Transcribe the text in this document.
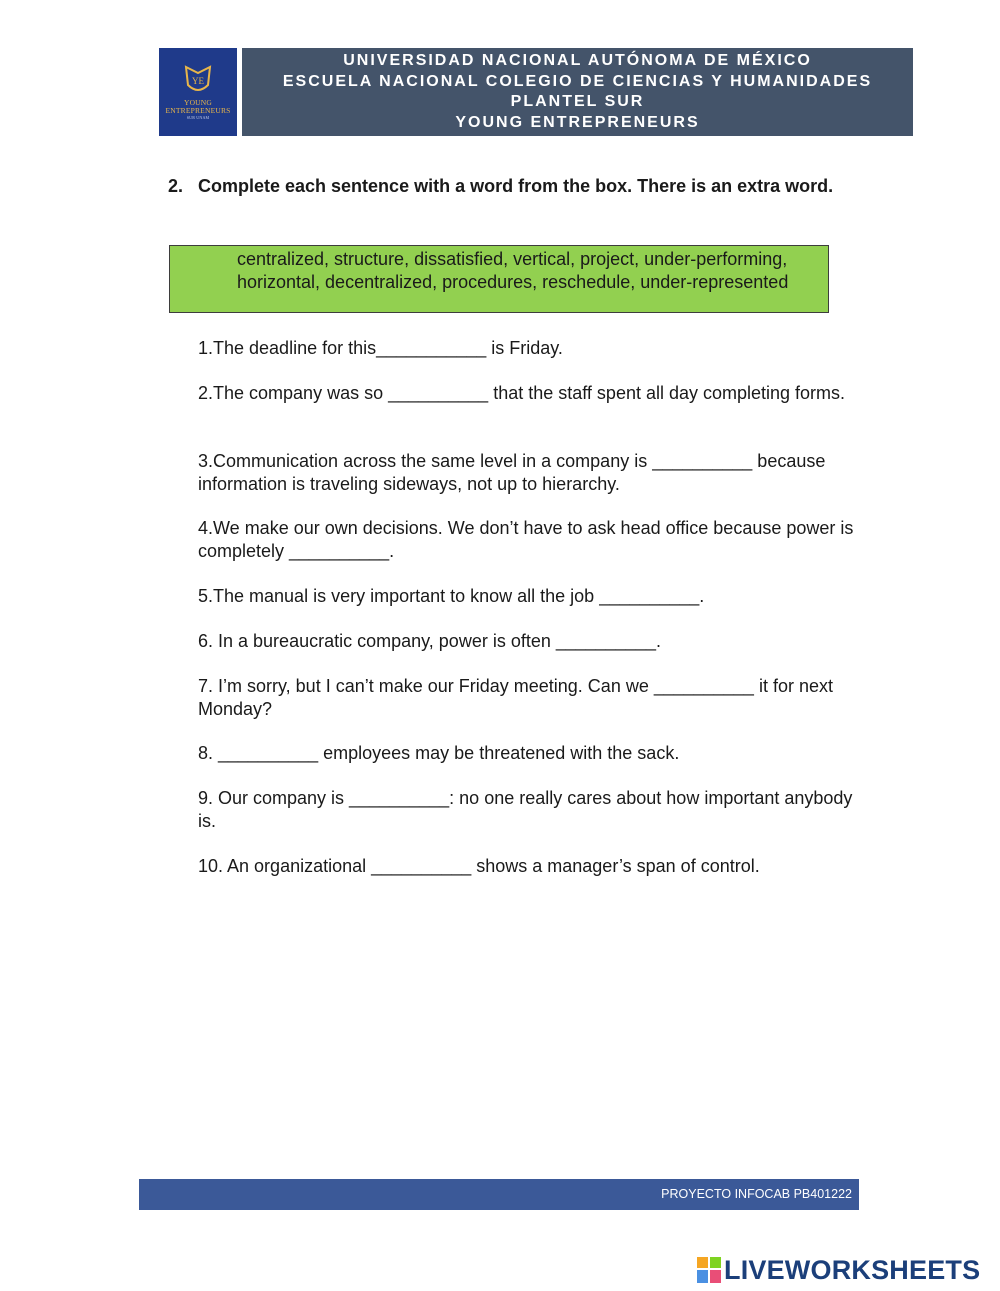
YE
YOUNG
ENTREPRENEURS
SUR UNAM
UNIVERSIDAD NACIONAL AUTÓNOMA DE MÉXICO
ESCUELA NACIONAL COLEGIO DE CIENCIAS Y HUMANIDADES
PLANTEL SUR
YOUNG ENTREPRENEURS
2. Complete each sentence with a word from the box. There is an extra word.
centralized, structure, dissatisfied, vertical, project, under-performing, horizontal, decentralized, procedures, reschedule, under-represented
1.The deadline for this___________ is Friday.
2.The company was so __________ that the staff spent all day completing forms.
3.Communication across the same level in a company is __________ because information is traveling sideways, not up to hierarchy.
4.We make our own decisions. We don’t have to ask head office because power is completely __________.
5.The manual is very important to know all the job __________.
6. In a bureaucratic company, power is often __________.
7. I’m sorry, but I can’t make our Friday meeting. Can we __________ it for next Monday?
8. __________ employees may be threatened with the sack.
9. Our company is __________: no one really cares about how important anybody is.
10. An organizational __________ shows a manager’s span of control.
PROYECTO INFOCAB PB401222
LIVEWORKSHEETS
